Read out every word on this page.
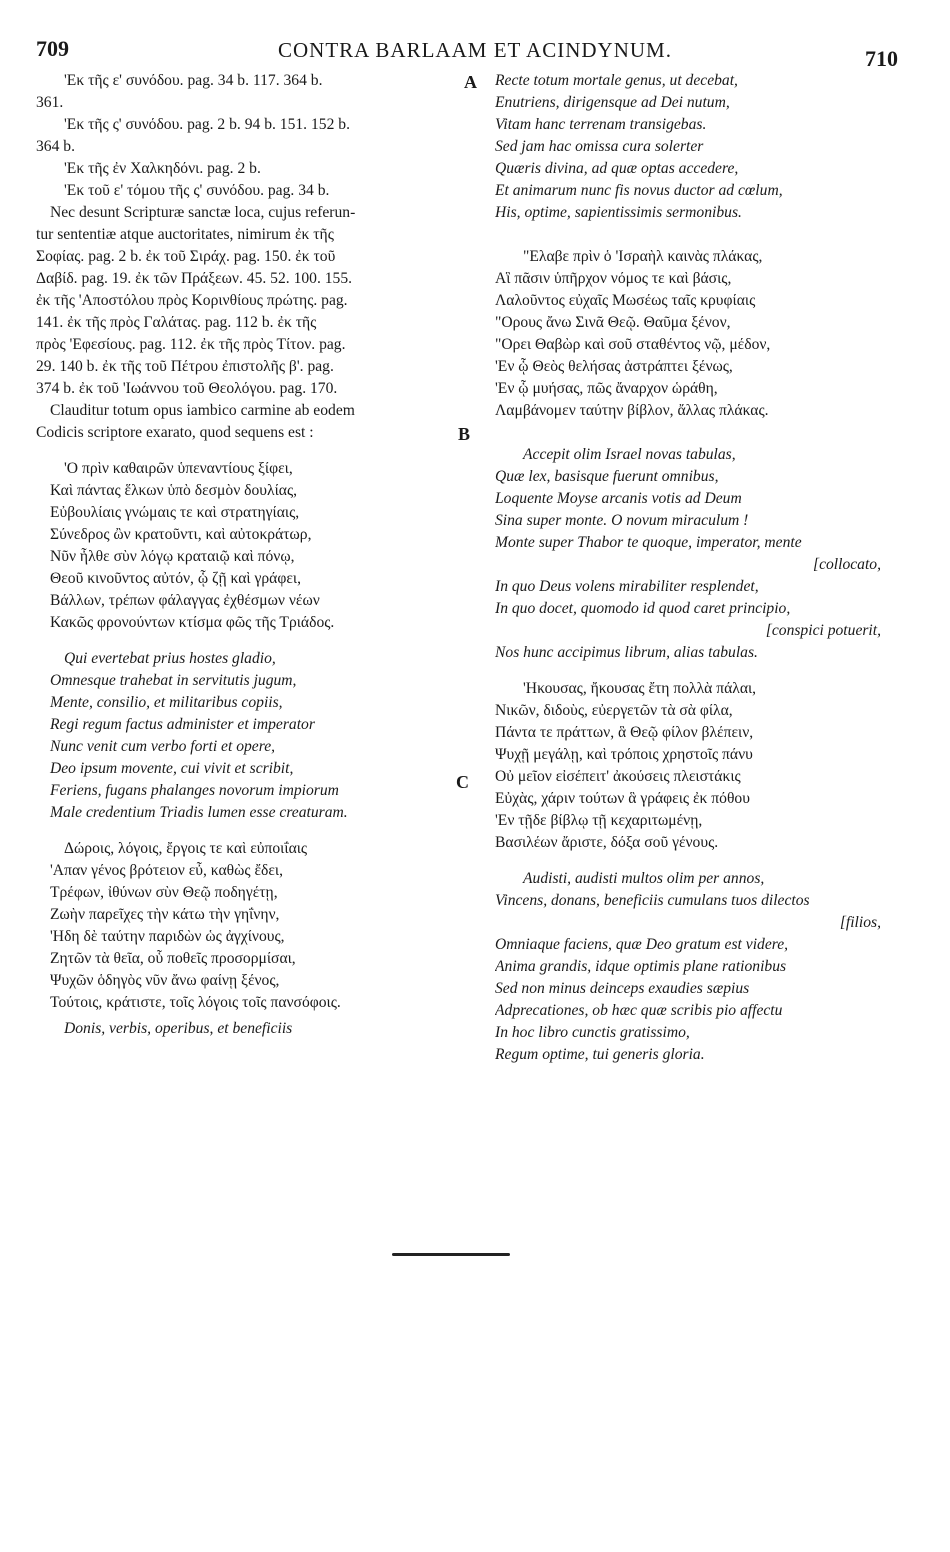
709	CONTRA BARLAAM ET ACINDYNUM.	710
A
B
C
'Εκ τῆς ε' συνόδου. pag. 34 b. 117. 364 b.
361.
'Εκ τῆς ς' συνόδου. pag. 2 b. 94 b. 151. 152 b.
364 b.
'Εκ τῆς ἐν Χαλκηδόνι. pag. 2 b.
'Εκ τοῦ ε' τόμου τῆς ς' συνόδου. pag. 34 b.
Nec desunt Scripturæ sanctæ loca, cujus referun-
tur sententiæ atque auctoritates, nimirum ἐκ τῆς
Σοφίας. pag. 2 b. ἐκ τοῦ Σιράχ. pag. 150. ἐκ τοῦ
Δαβίδ. pag. 19. ἐκ τῶν Πράξεων. 45. 52. 100. 155.
ἐκ τῆς 'Αποστόλου πρὸς Κορινθίους πρώτης. pag.
141. ἐκ τῆς πρὸς Γαλάτας. pag. 112 b. ἐκ τῆς
πρὸς 'Εφεσίους. pag. 112. ἐκ τῆς πρὸς Τίτον. pag.
29. 140 b. ἐκ τῆς τοῦ Πέτρου ἐπιστολῆς β'. pag.
374 b. ἐκ τοῦ 'Ιωάννου τοῦ Θεολόγου. pag. 170.
Clauditur totum opus iambico carmine ab eodem
Codicis scriptore exarato, quod sequens est :
'Ο πρὶν καθαιρῶν ὑπεναντίους ξίφει,
Καὶ πάντας ἕλκων ὑπὸ δεσμὸν δουλίας,
Εὐβουλίαις γνώμαις τε καὶ στρατηγίαις,
Σύνεδρος ὢν κρατοῦντι, καὶ αὐτοκράτωρ,
Νῦν ἦλθε σὺν λόγῳ κραταιῷ καὶ πόνῳ,
Θεοῦ κινοῦντος αὐτόν, ᾧ ζῇ καὶ γράφει,
Βάλλων, τρέπων φάλαγγας ἐχθέσμων νέων
Κακῶς φρονούντων κτίσμα φῶς τῆς Τριάδος.
Qui evertebat prius hostes gladio,
Omnesque trahebat in servitutis jugum,
Mente, consilio, et militaribus copiis,
Regi regum factus administer et imperator
Nunc venit cum verbo forti et opere,
Deo ipsum movente, cui vivit et scribit,
Feriens, fugans phalanges novorum impiorum
Male credentium Triadis lumen esse creaturam.
Δώροις, λόγοις, ἔργοις τε καὶ εὐποιΐαις
'Απαν γένος βρότειον εὖ, καθὼς ἔδει,
Τρέφων, ἰθύνων σὺν Θεῷ ποδηγέτῃ,
Ζωὴν παρεῖχες τὴν κάτω τὴν γηΐνην,
'Ηδη δὲ ταύτην παριδὼν ὡς ἀγχίνους,
Ζητῶν τὰ θεῖα, οὗ ποθεῖς προσορμίσαι,
Ψυχῶν ὁδηγὸς νῦν ἄνω φαίνῃ ξένος,
Τούτοις, κράτιστε, τοῖς λόγοις τοῖς πανσόφοις.
Donis, verbis, operibus, et beneficiis
Recte totum mortale genus, ut decebat,
Enutriens, dirigensque ad Dei nutum,
Vitam hanc terrenam transigebas.
Sed jam hac omissa cura solerter
Quæris divina, ad quæ optas accedere,
Et animarum nunc fis novus ductor ad cœlum,
His, optime, sapientissimis sermonibus.
"Ελαβε πρὶν ὁ 'Ισραὴλ καινὰς πλάκας,
Αἳ πᾶσιν ὑπῆρχον νόμος τε καὶ βάσις,
Λαλοῦντος εὐχαῖς Μωσέως ταῖς κρυφίαις
"Ορους ἄνω Σινᾶ Θεῷ. Θαῦμα ξένον,
"Ορει Θαβὼρ καὶ σοῦ σταθέντος νῷ, μέδον,
'Εν ᾧ Θεὸς θελήσας ἀστράπτει ξένως,
'Εν ᾧ μυήσας, πῶς ἄναρχον ὡράθη,
Λαμβάνομεν ταύτην βίβλον, ἄλλας πλάκας.
Accepit olim Israel novas tabulas,
Quæ lex, basisque fuerunt omnibus,
Loquente Moyse arcanis votis ad Deum
Sina super monte. O novum miraculum !
Monte super Thabor te quoque, imperator, mente
[collocato,
In quo Deus volens mirabiliter resplendet,
In quo docet, quomodo id quod caret principio,
[conspici potuerit,
Nos hunc accipimus librum, alias tabulas.
'Ηκουσας, ἤκουσας ἔτη πολλὰ πάλαι,
Νικῶν, διδοὺς, εὐεργετῶν τὰ σὰ φίλα,
Πάντα τε πράττων, ἃ Θεῷ φίλον βλέπειν,
Ψυχῇ μεγάλῃ, καὶ τρόποις χρηστοῖς πάνυ
Οὐ μεῖον εἰσέπειτ' ἀκούσεις πλειστάκις
Εὐχὰς, χάριν τούτων ἃ γράφεις ἐκ πόθου
'Εν τῇδε βίβλῳ τῇ κεχαριτωμένῃ,
Βασιλέων ἄριστε, δόξα σοῦ γένους.
Audisti, audisti multos olim per annos,
Vincens, donans, beneficiis cumulans tuos dilectos
[filios,
Omniaque faciens, quæ Deo gratum est videre,
Anima grandis, idque optimis plane rationibus
Sed non minus deinceps exaudies sæpius
Adprecationes, ob hæc quæ scribis pio affectu
In hoc libro cunctis gratissimo,
Regum optime, tui generis gloria.
